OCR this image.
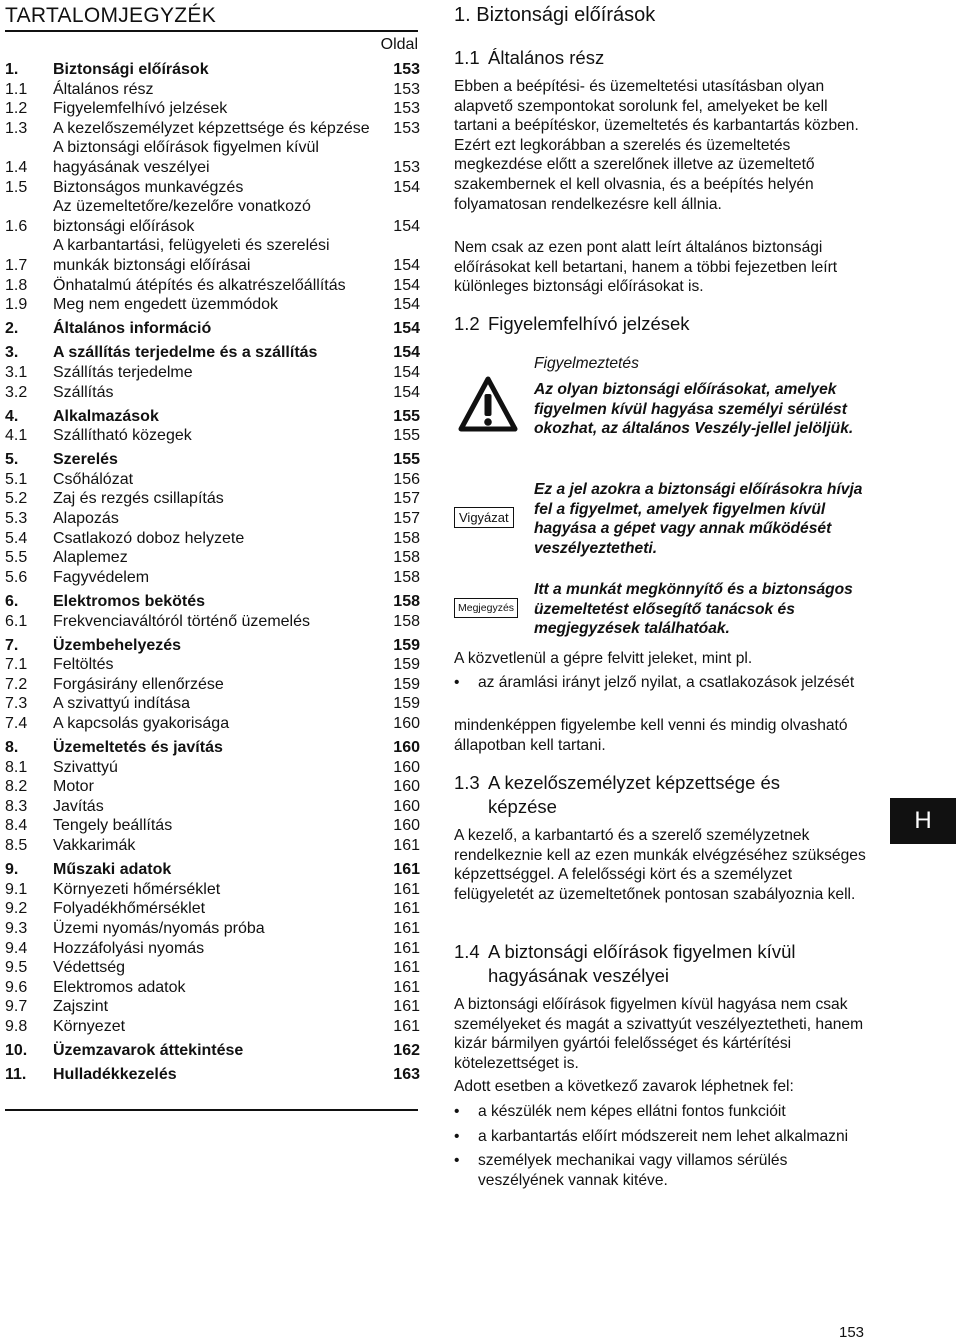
TARTALOMJEGYZÉK
Oldal
1.	Biztonsági előírások	153
1.1	Általános rész	153
1.2	Figyelemfelhívó jelzések	153
1.3	A kezelőszemélyzet képzettsége és képzése	153
1.4
A biztonsági előírások figyelmen kívül hagyásának veszélyei	153
1.5	Biztonságos munkavégzés	154
1.6
Az üzemeltetőre/kezelőre vonatkozó biztonsági előírások	154
1.7
A karbantartási, felügyeleti és szerelési munkák biztonsági előírásai	154
1.8	Önhatalmú átépítés és alkatrészelőállítás	154
1.9	Meg nem engedett üzemmódok	154
2.	Általános információ	154
3.	A szállítás terjedelme és a szállítás	154
3.1	Szállítás terjedelme	154
3.2	Szállítás	154
4.	Alkalmazások	155
4.1	Szállítható közegek	155
5.	Szerelés	155
5.1	Csőhálózat	156
5.2	Zaj és rezgés csillapítás	157
5.3	Alapozás	157
5.4	Csatlakozó doboz helyzete	158
5.5	Alaplemez	158
5.6	Fagyvédelem	158
6.	Elektromos bekötés	158
6.1	Frekvenciaváltóról történő üzemelés	158
7.	Üzembehelyezés	159
7.1	Feltöltés	159
7.2	Forgásirány ellenőrzése	159
7.3	A szivattyú indítása	159
7.4	A kapcsolás gyakorisága	160
8.	Üzemeltetés és javítás	160
8.1	Szivattyú	160
8.2	Motor	160
8.3	Javítás	160
8.4	Tengely beállítás	160
8.5	Vakkarimák	161
9.	Műszaki adatok	161
9.1	Környezeti hőmérséklet	161
9.2	Folyadékhőmérséklet	161
9.3	Üzemi nyomás/nyomás próba	161
9.4	Hozzáfolyási nyomás	161
9.5	Védettség	161
9.6	Elektromos adatok	161
9.7	Zajszint	161
9.8	Környezet	161
10.	Üzemzavarok áttekintése	162
11.	Hulladékkezelés	163
1. Biztonsági előírások
1.1 Általános rész
Ebben a beépítési- és üzemeltetési utasításban olyan alapvető szempontokat sorolunk fel, amelyeket be kell tartani a beépítéskor, üzemeltetés és karbantartás közben. Ezért ezt legkorábban a szerelés és üzemeltetés megkezdése előtt a szerelőnek illetve az üzemeltető szakembernek el kell olvasnia, és a beépítés helyén folyamatosan rendelkezésre kell állnia.
Nem csak az ezen pont alatt leírt általános biztonsági előírásokat kell betartani, hanem a többi fejezetben leírt különleges biztonsági előírásokat is.
1.2 Figyelemfelhívó jelzések
Figyelmeztetés
Az olyan biztonsági előírásokat, amelyek figyelmen kívül hagyása személyi sérülést okozhat, az általános Veszély-jellel jelöljük.
Vigyázat
Ez a jel azokra a biztonsági előírásokra hívja fel a figyelmet, amelyek figyelmen kívül hagyása a gépet vagy annak működését veszélyeztetheti.
Megjegyzés
Itt a munkát megkönnyítő és a biztonságos üzemeltetést elősegítő tanácsok és megjegyzések találhatóak.
A közvetlenül a gépre felvitt jeleket, mint pl.
• az áramlási irányt jelző nyilat, a csatlakozások jelzését
mindenképpen figyelembe kell venni és mindig olvasható állapotban kell tartani.
1.3 A kezelőszemélyzet képzettsége és
képzése
A kezelő, a karbantartó és a szerelő személyzetnek rendelkeznie kell az ezen munkák elvégzéséhez szükséges képzettséggel. A felelősségi kört és a személyzet felügyeletét az üzemeltetőnek pontosan szabályoznia kell.
1.4 A biztonsági előírások figyelmen kívül
hagyásának veszélyei
A biztonsági előírások figyelmen kívül hagyása nem csak személyeket és magát a szivattyút veszélyeztetheti, hanem kizár bármilyen gyártói felelősséget és kártérítési kötelezettséget is.
Adott esetben a következő zavarok léphetnek fel:
• a készülék nem képes ellátni fontos funkcióit
• a karbantartás előírt módszereit nem lehet alkalmazni
• személyek mechanikai vagy villamos sérülés veszélyének vannak kitéve.
H
153
